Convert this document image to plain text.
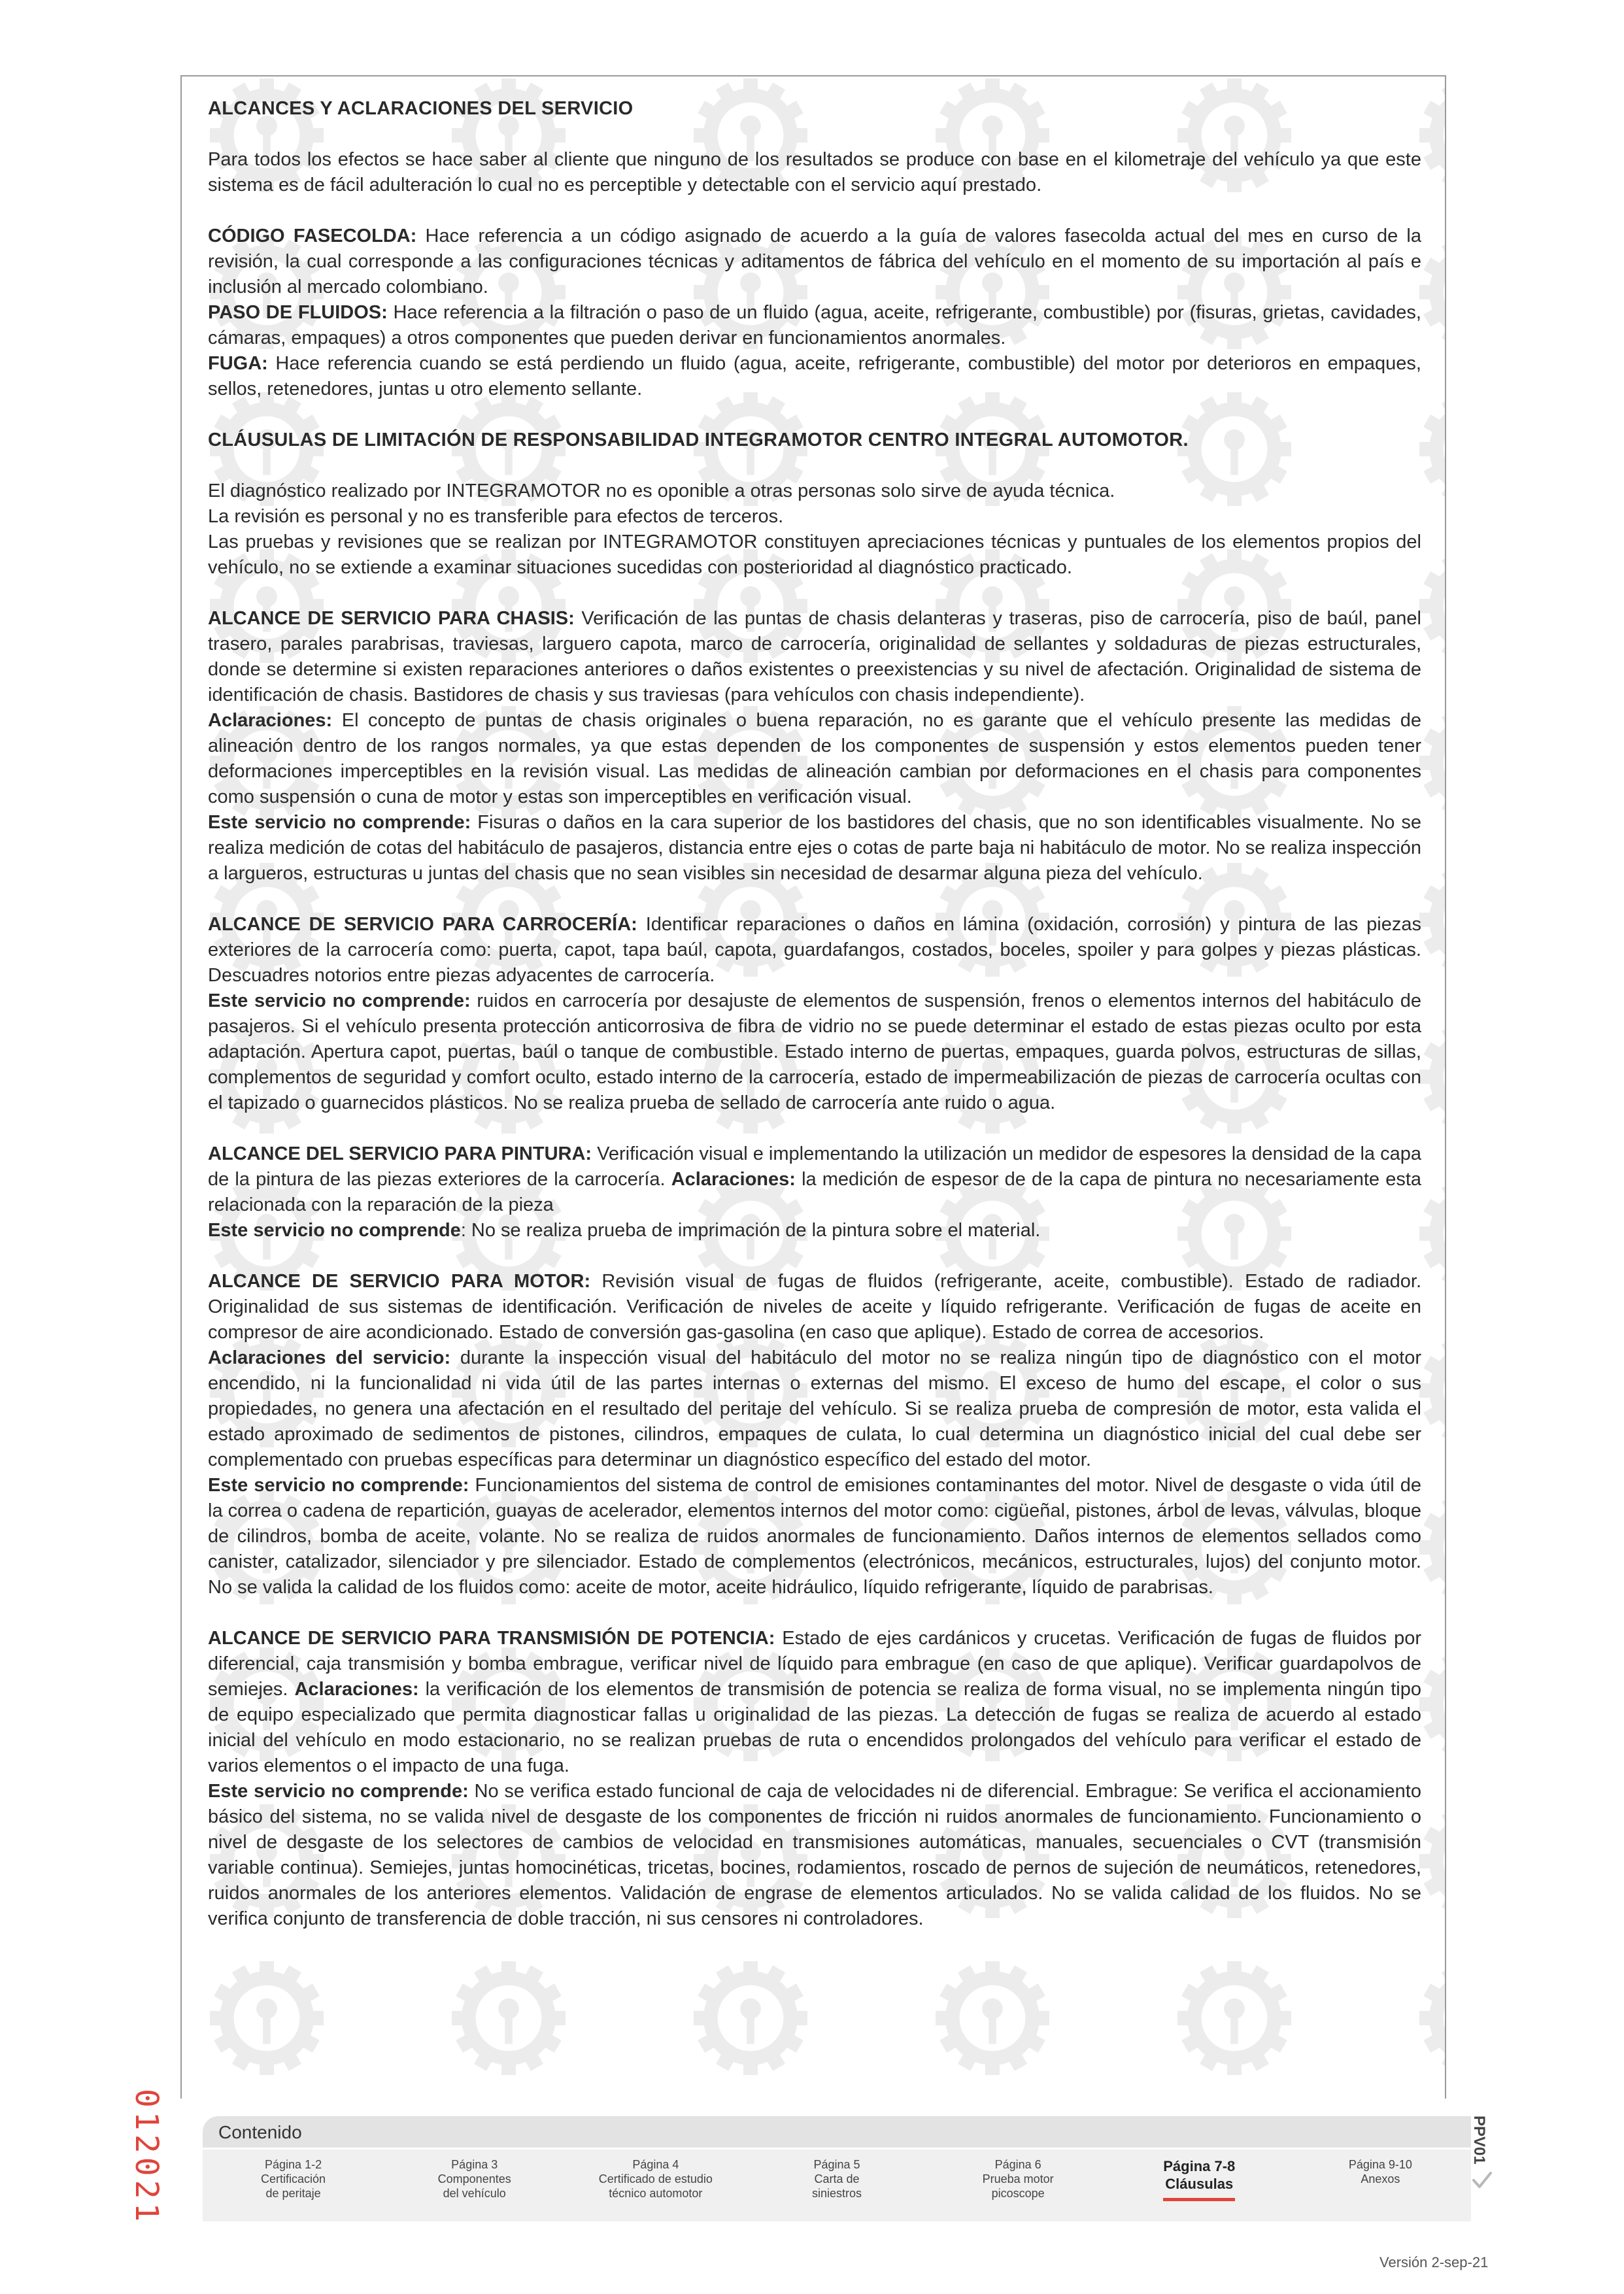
ALCANCES Y ACLARACIONES DEL SERVICIO

Para todos los efectos se hace saber al cliente que ninguno de los resultados se produce con base en el kilometraje del vehículo ya que este sistema es de fácil adulteración lo cual no es perceptible y detectable con el servicio aquí prestado.

CÓDIGO FASECOLDA: Hace referencia a un código asignado de acuerdo a la guía de valores fasecolda actual del mes en curso de la revisión, la cual corresponde a las configuraciones técnicas y aditamentos de fábrica del vehículo en el momento de su importación al país e inclusión al mercado colombiano.

PASO DE FLUIDOS: Hace referencia a la filtración o paso de un fluido (agua, aceite, refrigerante, combustible) por (fisuras, grietas, cavidades, cámaras, empaques) a otros componentes que pueden derivar en funcionamientos anormales.

FUGA: Hace referencia cuando se está perdiendo un fluido (agua, aceite, refrigerante, combustible) del motor por deterioros en empaques, sellos, retenedores, juntas u otro elemento sellante.

CLÁUSULAS DE LIMITACIÓN DE RESPONSABILIDAD INTEGRAMOTOR CENTRO INTEGRAL AUTOMOTOR.

El diagnóstico realizado por INTEGRAMOTOR no es oponible a otras personas solo sirve de ayuda técnica.

La revisión es personal y no es transferible para efectos de terceros.

Las pruebas y revisiones que se realizan por INTEGRAMOTOR constituyen apreciaciones técnicas y puntuales de los elementos propios del vehículo, no se extiende a examinar situaciones sucedidas con posterioridad al diagnóstico practicado.

ALCANCE DE SERVICIO PARA CHASIS: Verificación de las puntas de chasis delanteras y traseras, piso de carrocería, piso de baúl, panel trasero, parales parabrisas, traviesas, larguero capota, marco de carrocería, originalidad de sellantes y soldaduras de piezas estructurales, donde se determine si existen reparaciones anteriores o daños existentes o preexistencias y su nivel de afectación. Originalidad de sistema de identificación de chasis. Bastidores de chasis y sus traviesas (para vehículos con chasis independiente).

Aclaraciones: El concepto de puntas de chasis originales o buena reparación, no es garante que el vehículo presente las medidas de alineación dentro de los rangos normales, ya que estas dependen de los componentes de suspensión y estos elementos pueden tener deformaciones imperceptibles en la revisión visual. Las medidas de alineación cambian por deformaciones en el chasis para componentes como suspensión o cuna de motor y estas son imperceptibles en verificación visual.

Este servicio no comprende: Fisuras o daños en la cara superior de los bastidores del chasis, que no son identificables visualmente. No se realiza medición de cotas del habitáculo de pasajeros, distancia entre ejes o cotas de parte baja ni habitáculo de motor. No se realiza inspección a largueros, estructuras u juntas del chasis que no sean visibles sin necesidad de desarmar alguna pieza del vehículo.

ALCANCE DE SERVICIO PARA CARROCERÍA: Identificar reparaciones o daños en lámina (oxidación, corrosión) y pintura de las piezas exteriores de la carrocería como: puerta, capot, tapa baúl, capota, guardafangos, costados, boceles, spoiler y para golpes y piezas plásticas. Descuadres notorios entre piezas adyacentes de carrocería.

Este servicio no comprende: ruidos en carrocería por desajuste de elementos de suspensión, frenos o elementos internos del habitáculo de pasajeros. Si el vehículo presenta protección anticorrosiva de fibra de vidrio no se puede determinar el estado de estas piezas oculto por esta adaptación. Apertura capot, puertas, baúl o tanque de combustible. Estado interno de puertas, empaques, guarda polvos, estructuras de sillas, complementos de seguridad y comfort oculto, estado interno de la carrocería, estado de impermeabilización de piezas de carrocería ocultas con el tapizado o guarnecidos plásticos. No se realiza prueba de sellado de carrocería ante ruido o agua.

ALCANCE DEL SERVICIO PARA PINTURA: Verificación visual e implementando la utilización un medidor de espesores la densidad de la capa de la pintura de las piezas exteriores de la carrocería. Aclaraciones: la medición de espesor de de la capa de pintura no necesariamente esta relacionada con la reparación de la pieza

Este servicio no comprende: No se realiza prueba de imprimación de la pintura sobre el material.

ALCANCE DE SERVICIO PARA MOTOR: Revisión visual de fugas de fluidos (refrigerante, aceite, combustible). Estado de radiador. Originalidad de sus sistemas de identificación. Verificación de niveles de aceite y líquido refrigerante. Verificación de fugas de aceite en compresor de aire acondicionado. Estado de conversión gas-gasolina (en caso que aplique). Estado de correa de accesorios.

Aclaraciones del servicio: durante la inspección visual del habitáculo del motor no se realiza ningún tipo de diagnóstico con el motor encendido, ni la funcionalidad ni vida útil de las partes internas o externas del mismo. El exceso de humo del escape, el color o sus propiedades, no genera una afectación en el resultado del peritaje del vehículo. Si se realiza prueba de compresión de motor, esta valida el estado aproximado de sedimentos de pistones, cilindros, empaques de culata, lo cual determina un diagnóstico inicial del cual debe ser complementado con pruebas específicas para determinar un diagnóstico específico del estado del motor.

Este servicio no comprende: Funcionamientos del sistema de control de emisiones contaminantes del motor. Nivel de desgaste o vida útil de la correa o cadena de repartición, guayas de acelerador, elementos internos del motor como: cigüeñal, pistones, árbol de levas, válvulas, bloque de cilindros, bomba de aceite, volante. No se realiza de ruidos anormales de funcionamiento. Daños internos de elementos sellados como canister, catalizador, silenciador y pre silenciador. Estado de complementos (electrónicos, mecánicos, estructurales, lujos) del conjunto motor. No se valida la calidad de los fluidos como: aceite de motor, aceite hidráulico, líquido refrigerante, líquido de parabrisas.

ALCANCE DE SERVICIO PARA TRANSMISIÓN DE POTENCIA: Estado de ejes cardánicos y crucetas. Verificación de fugas de fluidos por diferencial, caja transmisión y bomba embrague, verificar nivel de líquido para embrague (en caso de que aplique). Verificar guardapolvos de semiejes. Aclaraciones: la verificación de los elementos de transmisión de potencia se realiza de forma visual, no se implementa ningún tipo de equipo especializado que permita diagnosticar fallas u originalidad de las piezas. La detección de fugas se realiza de acuerdo al estado inicial del vehículo en modo estacionario, no se realizan pruebas de ruta o encendidos prolongados del vehículo para verificar el estado de varios elementos o el impacto de una fuga.

Este servicio no comprende: No se verifica estado funcional de caja de velocidades ni de diferencial. Embrague: Se verifica el accionamiento básico del sistema, no se valida nivel de desgaste de los componentes de fricción ni ruidos anormales de funcionamiento. Funcionamiento o nivel de desgaste de los selectores de cambios de velocidad en transmisiones automáticas, manuales, secuenciales o CVT (transmisión variable continua). Semiejes, juntas homocinéticas, tricetas, bocines, rodamientos, roscado de pernos de sujeción de neumáticos, retenedores, ruidos anormales de los anteriores elementos. Validación de engrase de elementos articulados. No se valida calidad de los fluidos. No se verifica conjunto de transferencia de doble tracción, ni sus censores ni controladores.

012021	Contenido
Página 1-2
Certificación
de peritaje
Página 3
Componentes
del vehículo
Página 4
Certificado de estudio
técnico automotor
Página 5
Carta de
siniestros
Página 6
Prueba motor
picoscope
Página 7-8
Cláusulas
Página 9-10
Anexos
PPV01
Versión 2-sep-21
